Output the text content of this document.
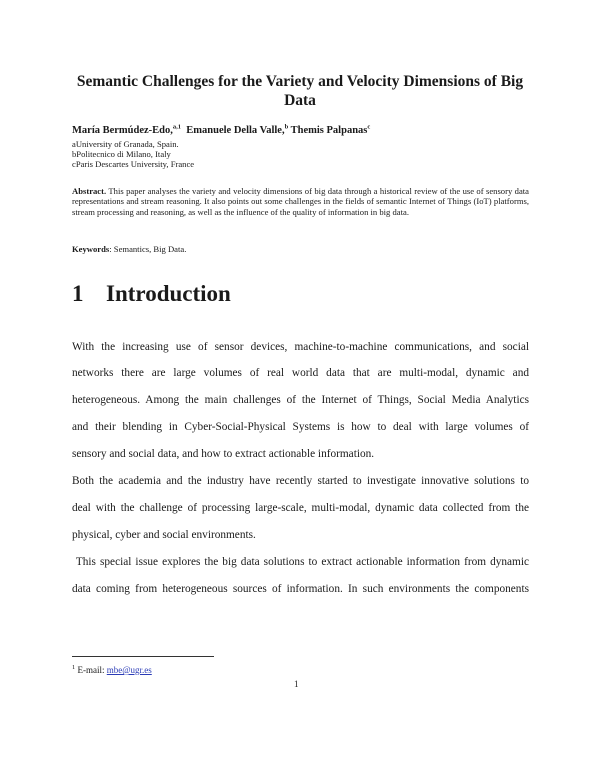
Semantic Challenges for the Variety and Velocity Dimensions of Big
Data
María Bermúdez-Edo,$^{a,1}$ Emanuele Della Valle,$^b$ Themis Palpanas$^c$
aUniversity of Granada, Spain.
bPolitecnico di Milano, Italy
cParis Descartes University, France
Abstract. This paper analyses the variety and velocity dimensions of big data through a historical review of the use of sensory data representations and stream reasoning. It also points out some challenges in the fields of semantic Internet of Things (IoT) platforms, stream processing and reasoning, as well as the influence of the quality of information in big data.
Keywords: Semantics, Big Data.
1 Introduction
With the increasing use of sensor devices, machine-to-machine communications, and social
networks there are large volumes of real world data that are multi-modal, dynamic and
heterogeneous. Among the main challenges of the Internet of Things, Social Media Analytics
and their blending in Cyber-Social-Physical Systems is how to deal with large volumes of
sensory and social data, and how to extract actionable information.
Both the academia and the industry have recently started to investigate innovative solutions to
deal with the challenge of processing large-scale, multi-modal, dynamic data collected from the
physical, cyber and social environments.
This special issue explores the big data solutions to extract actionable information from dynamic
data coming from heterogeneous sources of information. In such environments the components
$^1$ E-mail: mbe@ugr.es
1
